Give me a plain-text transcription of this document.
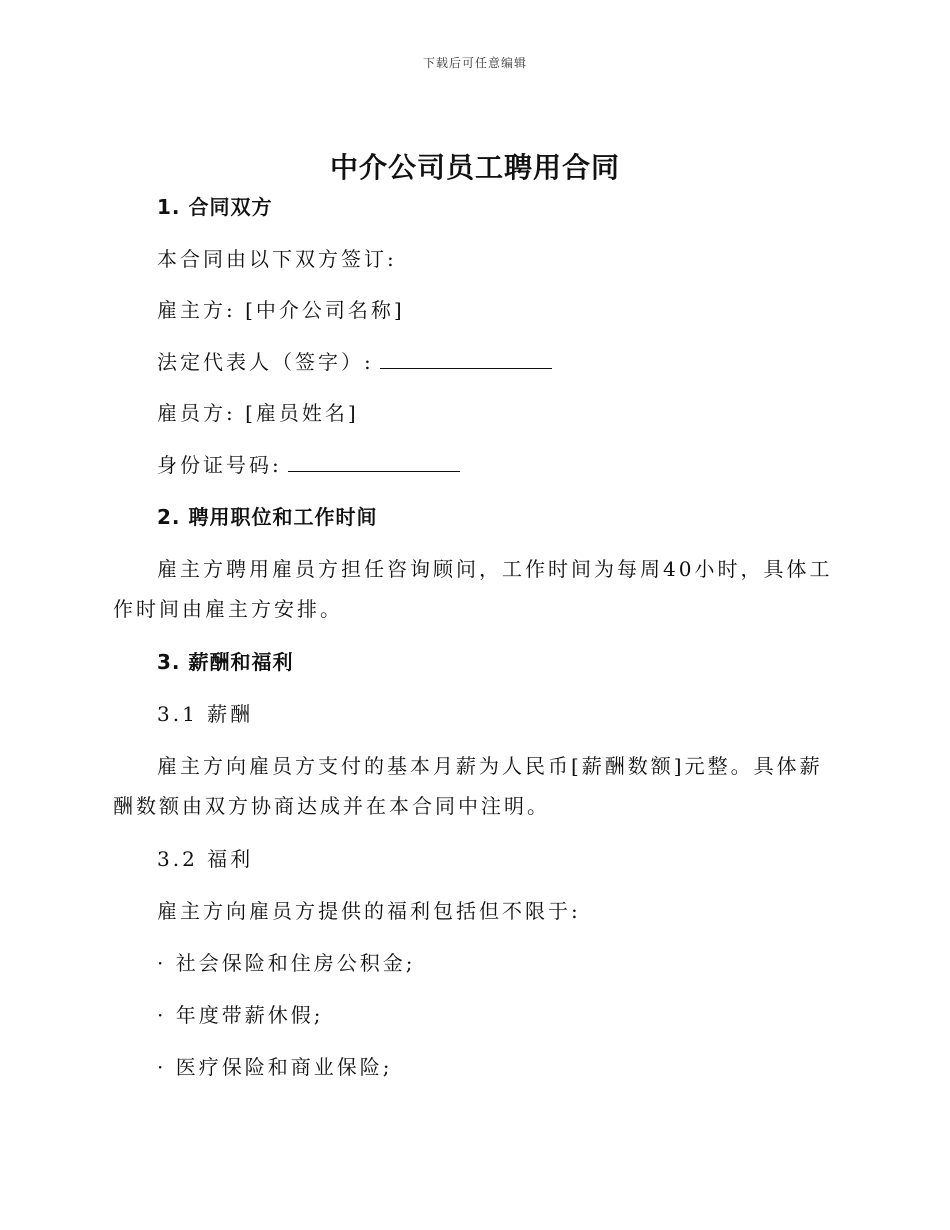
下载后可任意编辑
中介公司员工聘用合同
1. 合同双方
本合同由以下双方签订:
雇主方: [中介公司名称]
法定代表人（签字）:
雇员方: [雇员姓名]
身份证号码:
2. 聘用职位和工作时间
雇主方聘用雇员方担任咨询顾问，工作时间为每周40小时，具体工作时间由雇主方安排。
3. 薪酬和福利
3.1 薪酬
雇主方向雇员方支付的基本月薪为人民币[薪酬数额]元整。具体薪酬数额由双方协商达成并在本合同中注明。
3.2 福利
雇主方向雇员方提供的福利包括但不限于:
· 社会保险和住房公积金;
· 年度带薪休假;
· 医疗保险和商业保险;
